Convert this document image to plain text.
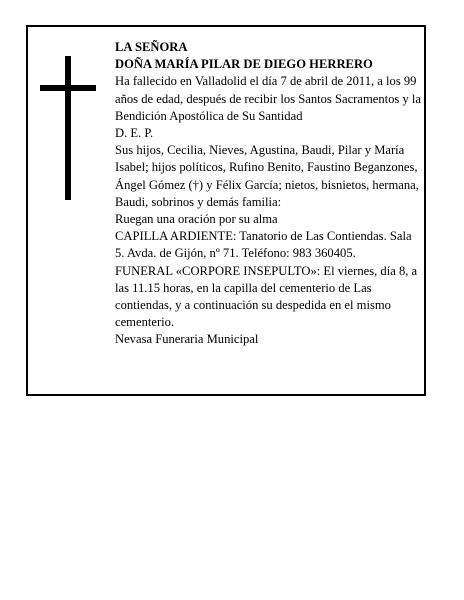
LA SEÑORA

DOÑA MARÍA PILAR DE DIEGO HERRERO

Ha fallecido en Valladolid el día 7 de abril de 2011, a los 99 años de edad, después de recibir los Santos Sacramentos y la Bendición Apostólica de Su Santidad

D. E. P.

Sus hijos, Cecilia, Nieves, Agustina, Baudi, Pilar y María Isabel; hijos políticos, Rufino Benito, Faustino Beganzones, Ángel Gómez (†) y Félix García; nietos, bisnietos, hermana, Baudi, sobrinos y demás familia:

Ruegan una oración por su alma

CAPILLA ARDIENTE: Tanatorio de Las Contiendas. Sala 5. Avda. de Gijón, nº 71. Teléfono: 983 360405.

FUNERAL «CORPORE INSEPULTO»: El viernes, día 8, a las 11.15 horas, en la capilla del cementerio de Las contiendas, y a continuación su despedida en el mismo cementerio.

Nevasa Funeraria Municipal
